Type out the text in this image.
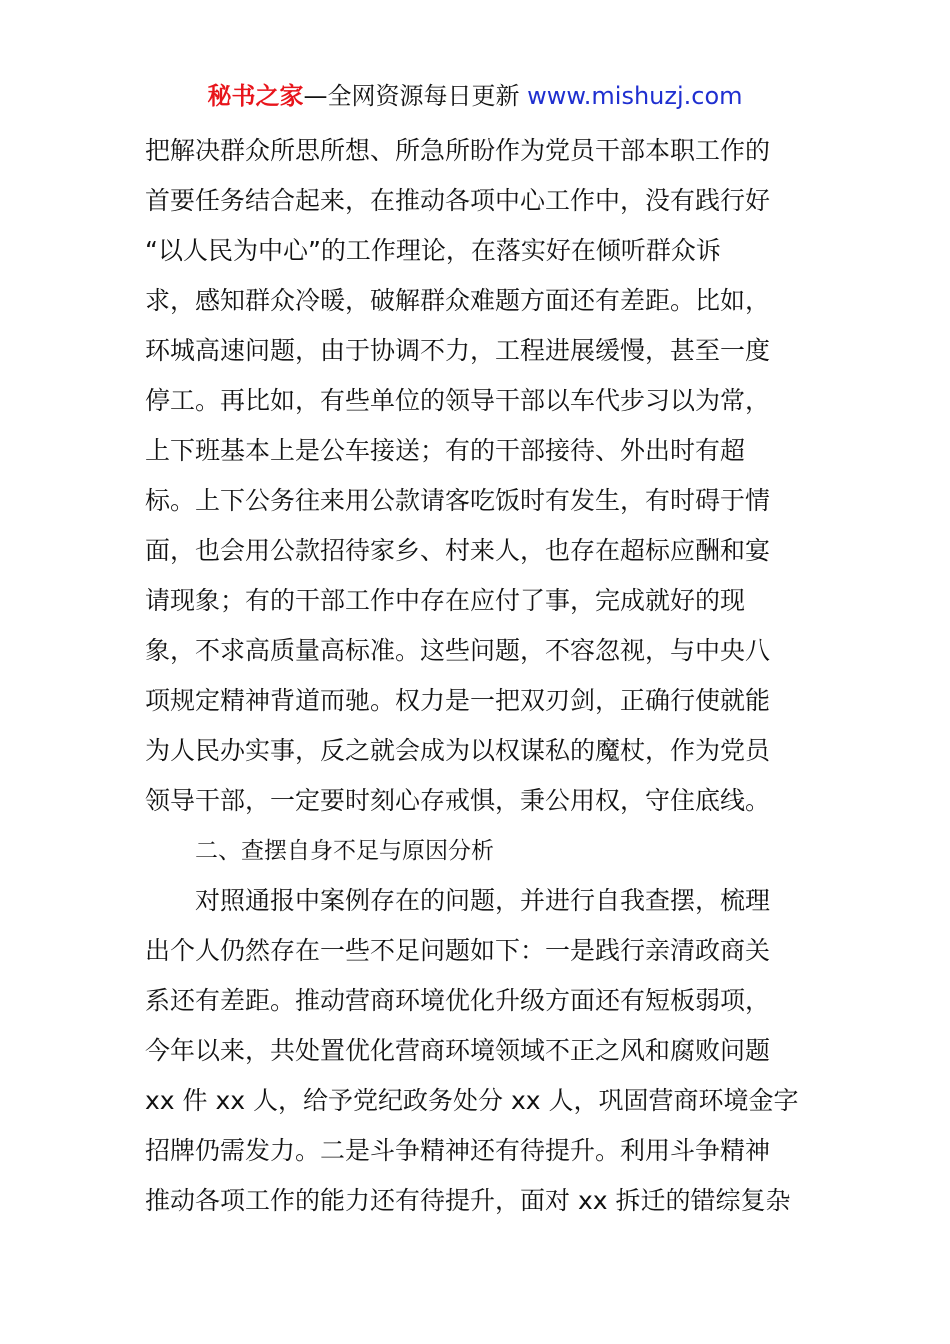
秘书之家—全网资源每日更新 www.mishuzj.com
把解决群众所思所想、所急所盼作为党员干部本职工作的
首要任务结合起来，在推动各项中心工作中，没有践行好
“以人民为中心”的工作理论，在落实好在倾听群众诉
求，感知群众冷暖，破解群众难题方面还有差距。比如，
环城高速问题，由于协调不力，工程进展缓慢，甚至一度
停工。再比如，有些单位的领导干部以车代步习以为常，
上下班基本上是公车接送；有的干部接待、外出时有超
标。上下公务往来用公款请客吃饭时有发生，有时碍于情
面，也会用公款招待家乡、村来人，也存在超标应酬和宴
请现象；有的干部工作中存在应付了事，完成就好的现
象，不求高质量高标准。这些问题，不容忽视，与中央八
项规定精神背道而驰。权力是一把双刃剑，正确行使就能
为人民办实事，反之就会成为以权谋私的魔杖，作为党员
领导干部，一定要时刻心存戒惧，秉公用权，守住底线。
二、查摆自身不足与原因分析
对照通报中案例存在的问题，并进行自我查摆，梳理
出个人仍然存在一些不足问题如下：一是践行亲清政商关
系还有差距。推动营商环境优化升级方面还有短板弱项，
今年以来，共处置优化营商环境领域不正之风和腐败问题
xx 件 xx 人，给予党纪政务处分 xx 人，巩固营商环境金字
招牌仍需发力。二是斗争精神还有待提升。利用斗争精神
推动各项工作的能力还有待提升，面对 xx 拆迁的错综复杂
